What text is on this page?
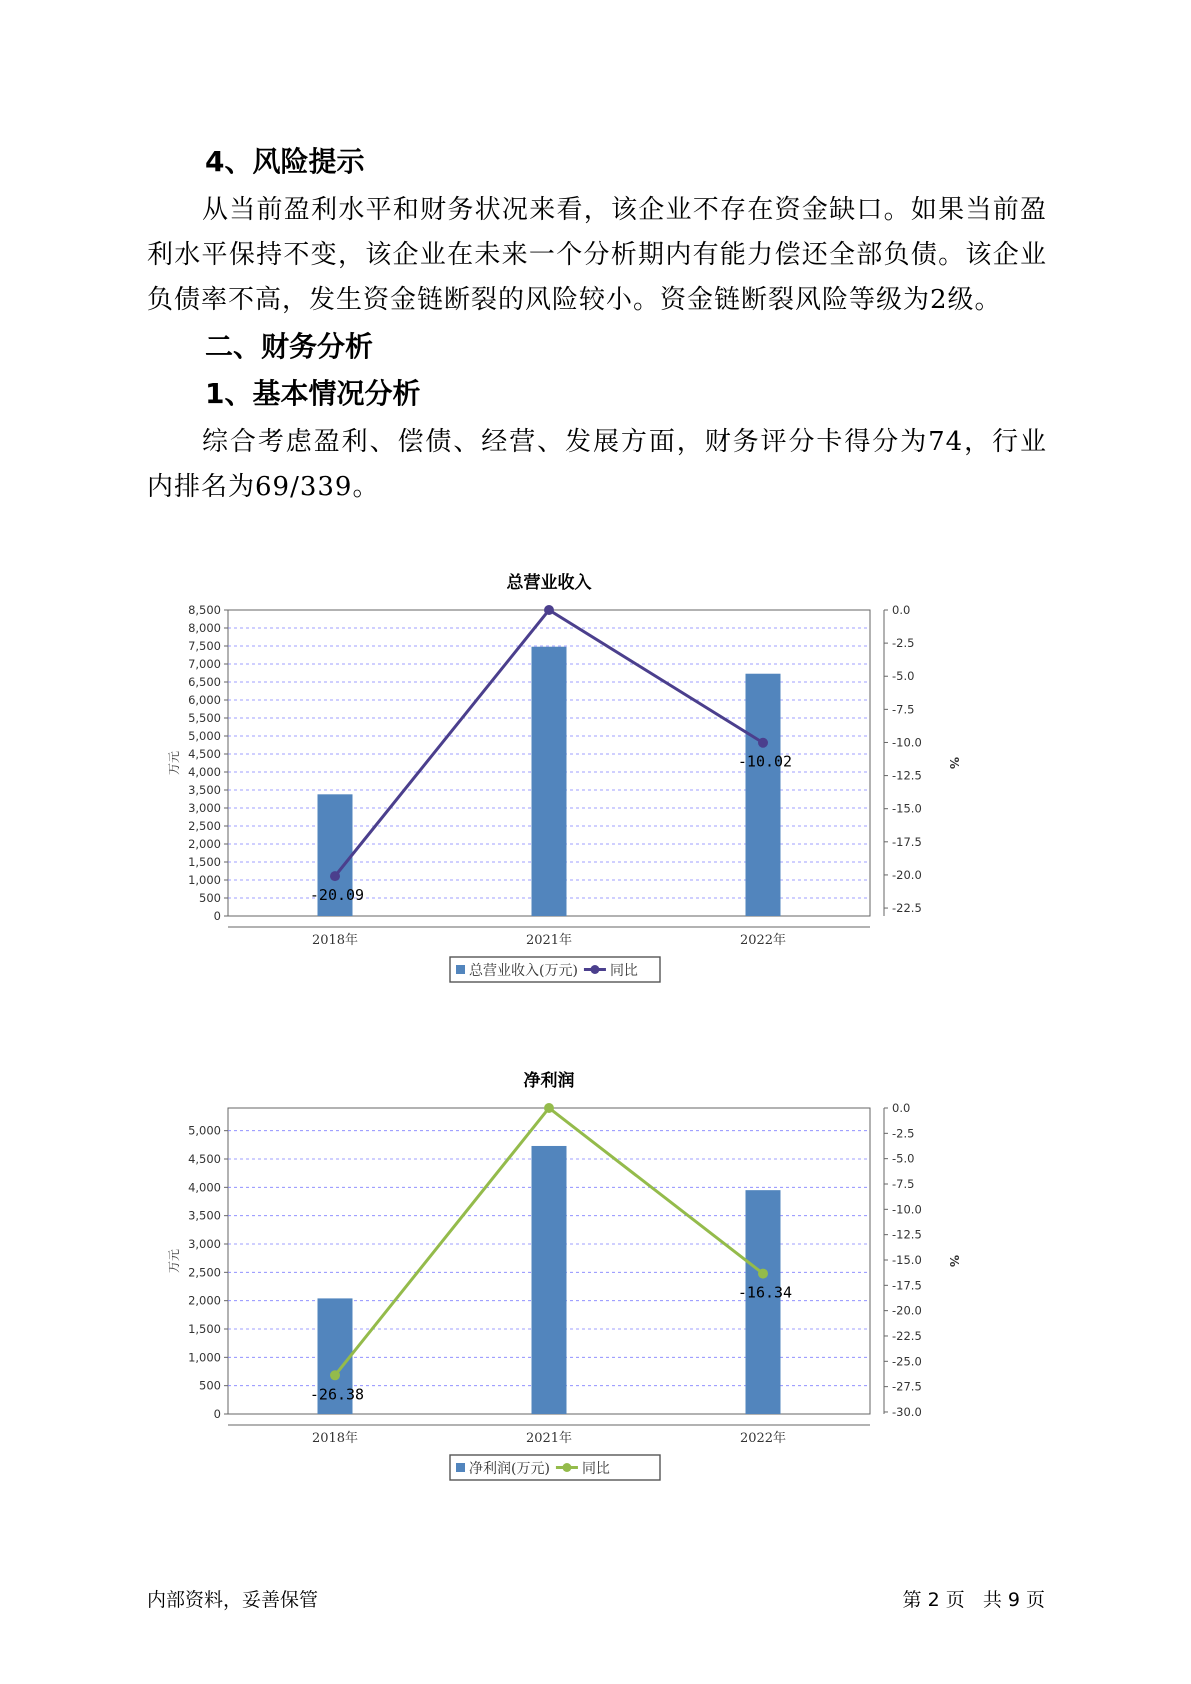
4、风险提示

从当前盈利水平和财务状况来看，该企业不存在资金缺口。如果当前盈利水平保持不变，该企业在未来一个分析期内有能力偿还全部负债。该企业负债率不高，发生资金链断裂的风险较小。资金链断裂风险等级为2级。

二、财务分析
1、基本情况分析

综合考虑盈利、偿债、经营、发展方面，财务评分卡得分为74，行业内排名为69/339。

总营业收入
0
500
1,000
1,500
2,000
2,500
3,000
3,500
4,000
4,500
5,000
5,500
6,000
6,500
7,000
7,500
8,000
8,500	0.0
-2.5
-5.0
-7.5
-10.0
-12.5
-15.0
-17.5
-20.0
-22.5
万元	%
2018年	2021年	2022年
-20.09
-10.02
总营业收入(万元) 同比
净利润
0
500
1,000
1,500
2,000
2,500
3,000
3,500
4,000
4,500
5,000
0.0
-2.5
-5.0
-7.5
-10.0
-12.5
-15.0
-17.5
-20.0
-22.5
-25.0
-27.5
-30.0
万元	%
2018年	2021年	2022年
-26.38
-16.34
净利润(万元) 同比
内部资料，妥善保管	第 2 页   共 9 页
